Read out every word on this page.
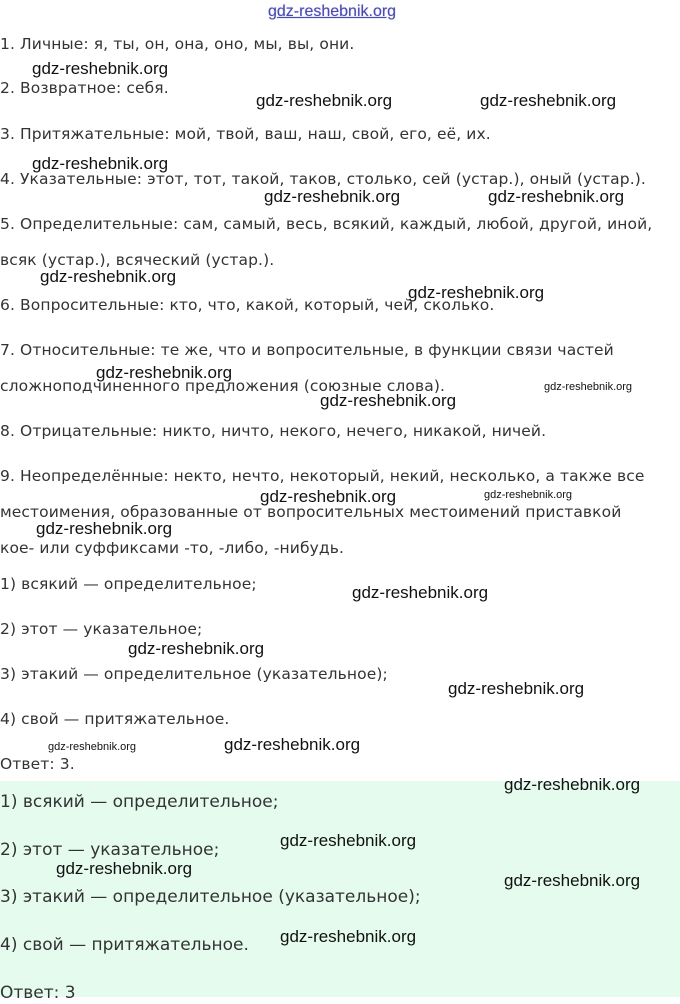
gdz-reshebnik.org
1. Личные: я, ты, он, она, оно, мы, вы, они.
2. Возвратное: себя.
3. Притяжательные: мой, твой, ваш, наш, свой, его, её, их.
4. Указательные: этот, тот, такой, таков, столько, сей (устар.), оный (устар.).
5. Определительные: сам, самый, весь, всякий, каждый, любой, другой, иной,
всяк (устар.), всяческий (устар.).
6. Вопросительные: кто, что, какой, который, чей, сколько.
7. Относительные: те же, что и вопросительные, в функции связи частей
сложноподчиненного предложения (союзные слова).
8. Отрицательные: никто, ничто, некого, нечего, никакой, ничей.
9. Неопределённые: некто, нечто, некоторый, некий, несколько, а также все
местоимения, образованные от вопросительных местоимений приставкой
кое- или суффиксами -то, -либо, -нибудь.
1) всякий — определительное;
2) этот — указательное;
3) этакий — определительное (указательное);
4) свой — притяжательное.
Ответ: 3.
1) всякий — определительное;
2) этот — указательное;
3) этакий — определительное (указательное);
4) свой — притяжательное.
Ответ: 3
gdz-reshebnik.org
gdz-reshebnik.org	gdz-reshebnik.org
gdz-reshebnik.org
gdz-reshebnik.org	gdz-reshebnik.org
gdz-reshebnik.org
gdz-reshebnik.org
gdz-reshebnik.org
gdz-reshebnik.org
gdz-reshebnik.org
gdz-reshebnik.org	gdz-reshebnik.org
gdz-reshebnik.org
gdz-reshebnik.org
gdz-reshebnik.org
gdz-reshebnik.org
gdz-reshebnik.org	gdz-reshebnik.org
gdz-reshebnik.org
gdz-reshebnik.org
gdz-reshebnik.org
gdz-reshebnik.org
gdz-reshebnik.org
